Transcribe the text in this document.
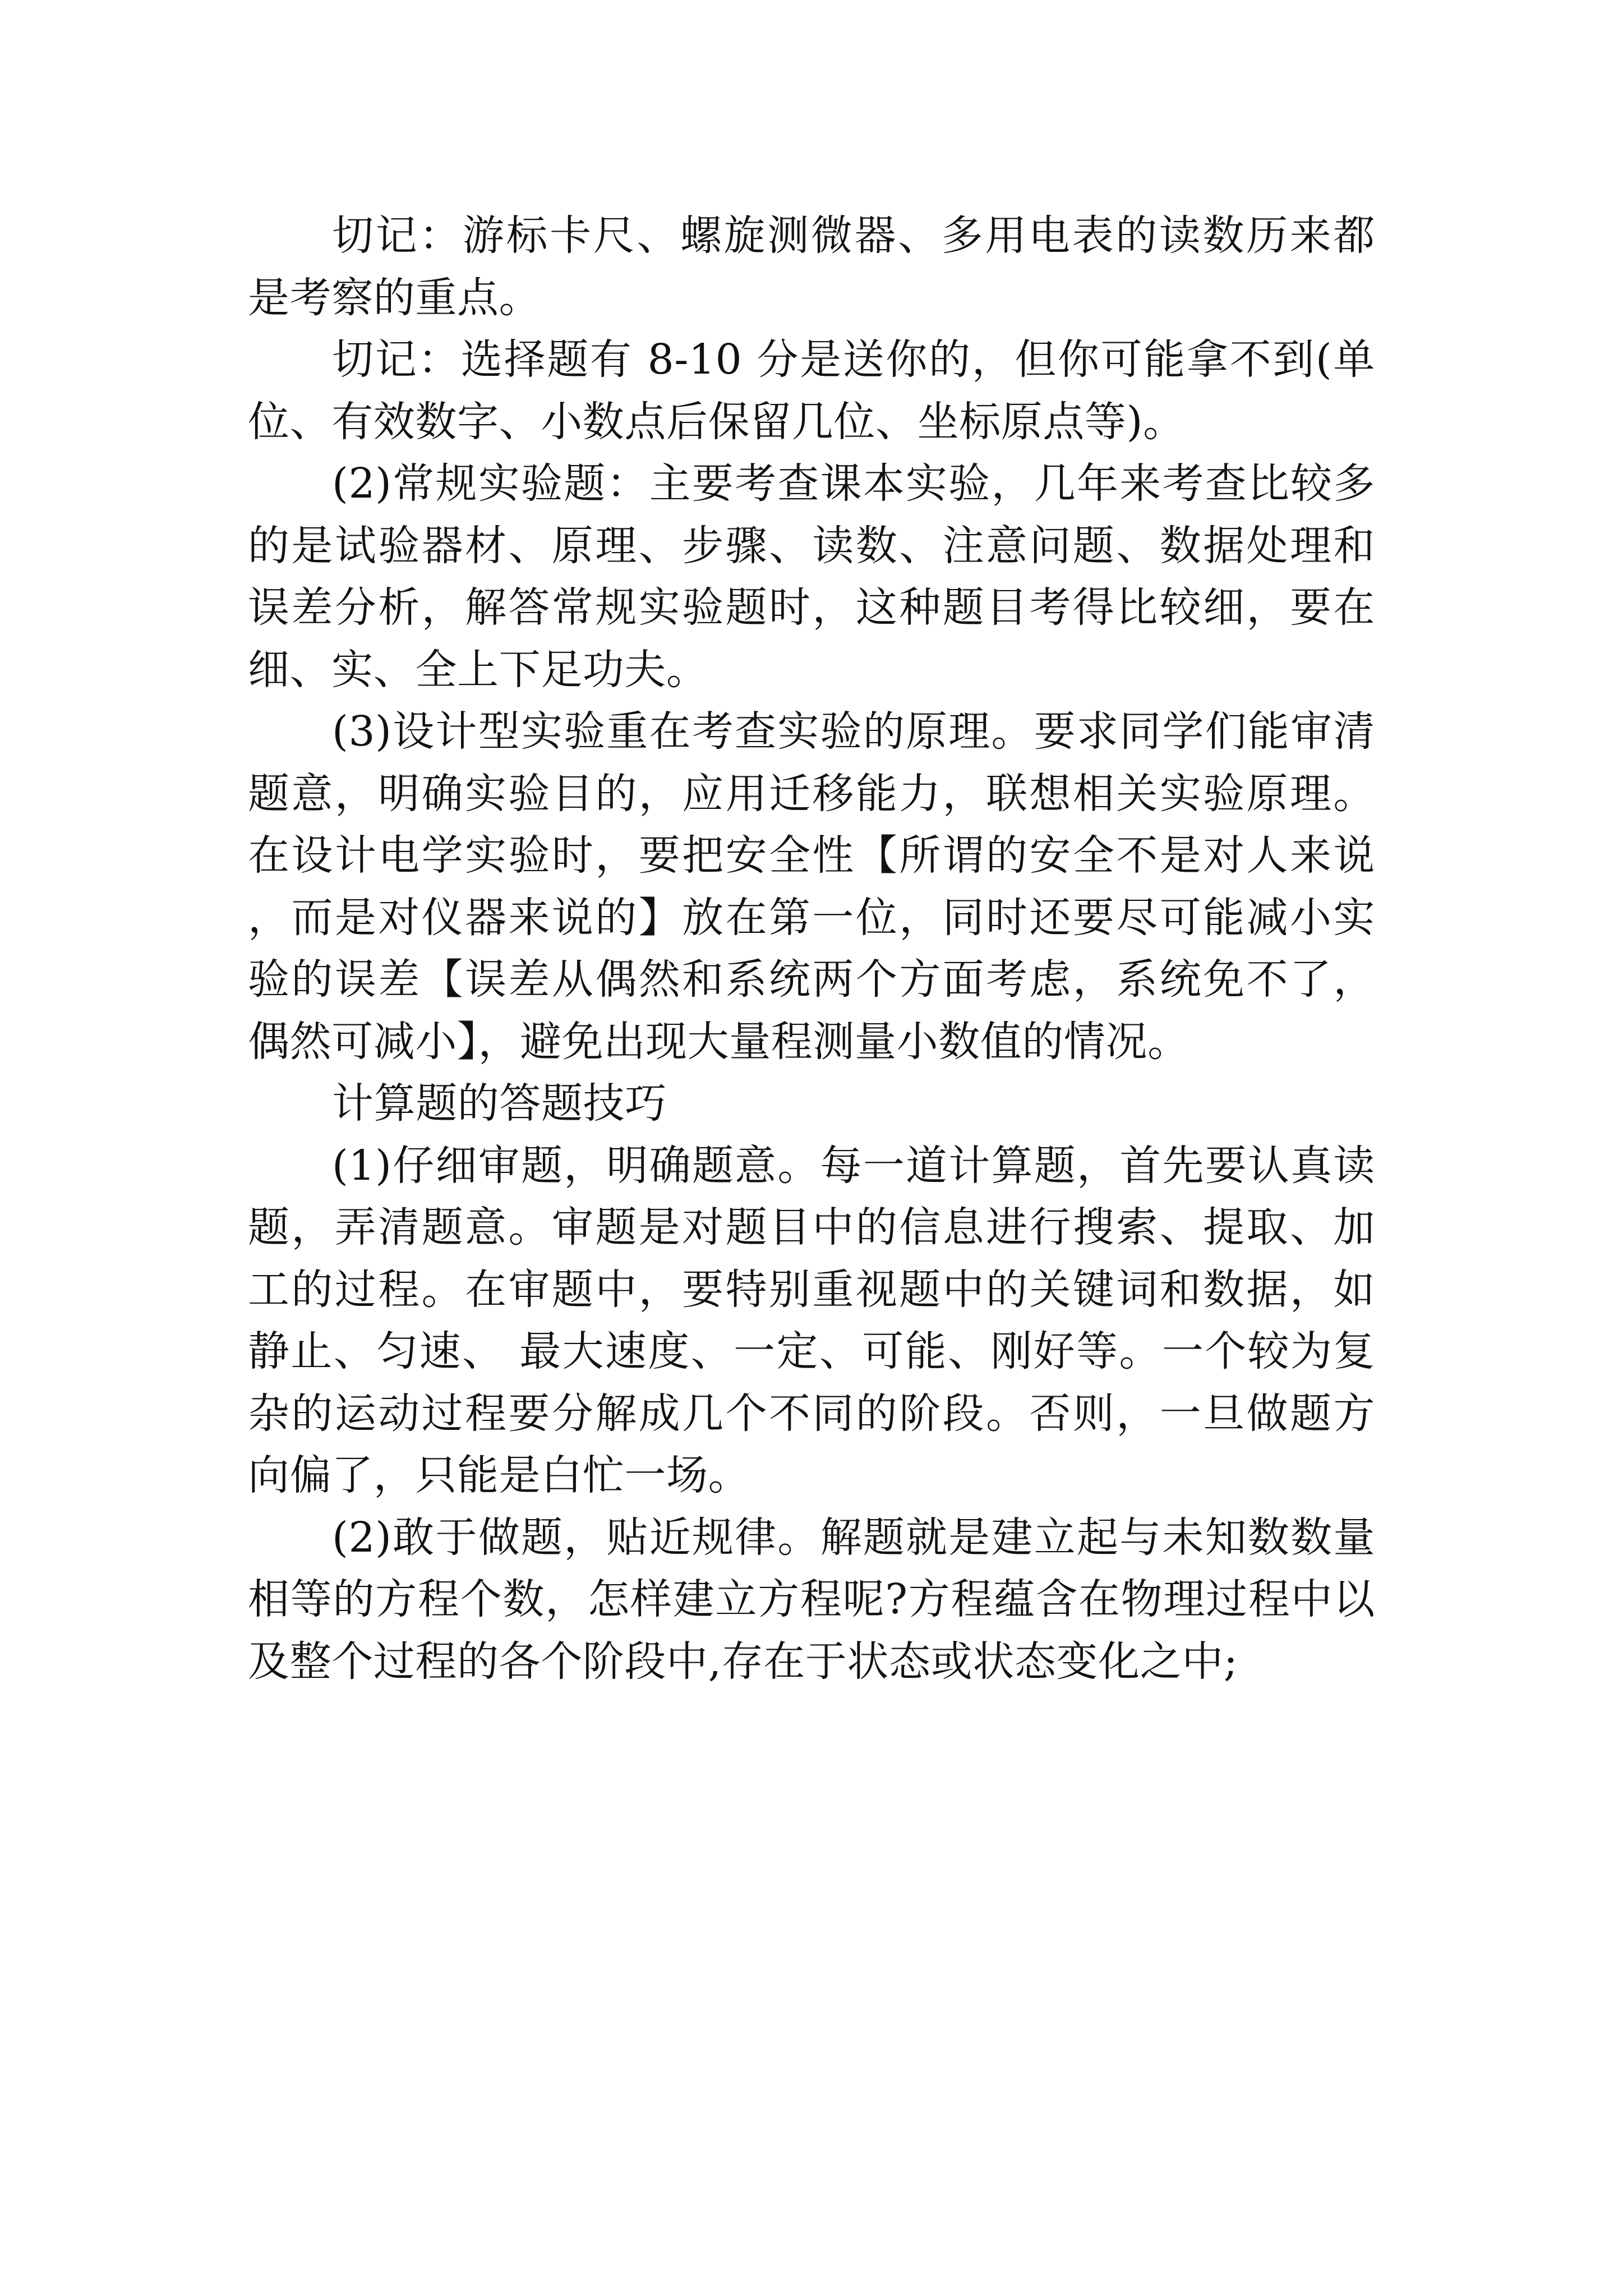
切记：游标卡尺、螺旋测微器、多用电表的读数历来都是考察的重点。

切记：选择题有 8-10 分是送你的，但你可能拿不到(单位、有效数字、小数点后保留几位、坐标原点等)。

(2)常规实验题：主要考查课本实验，几年来考查比较多的是试验器材、原理、步骤、读数、注意问题、数据处理和误差分析，解答常规实验题时，这种题目考得比较细，要在细、实、全上下足功夫。

(3)设计型实验重在考查实验的原理。要求同学们能审清题意，明确实验目的，应用迁移能力，联想相关实验原理。在设计电学实验时，要把安全性【所谓的安全不是对人来说，而是对仪器来说的】放在第一位，同时还要尽可能减小实验的误差【误差从偶然和系统两个方面考虑，系统免不了，偶然可减小】，避免出现大量程测量小数值的情况。

计算题的答题技巧

(1)仔细审题，明确题意。每一道计算题，首先要认真读题，弄清题意。审题是对题目中的信息进行搜索、提取、加工的过程。在审题中，要特别重视题中的关键词和数据，如静止、匀速、 最大速度、一定、可能、刚好等。一个较为复杂的运动过程要分解成几个不同的阶段。否则，一旦做题方向偏了，只能是白忙一场。

(2)敢于做题，贴近规律。解题就是建立起与未知数数量相等的方程个数，怎样建立方程呢?方程蕴含在物理过程中以及整个过程的各个阶段中,存在于状态或状态变化之中;
